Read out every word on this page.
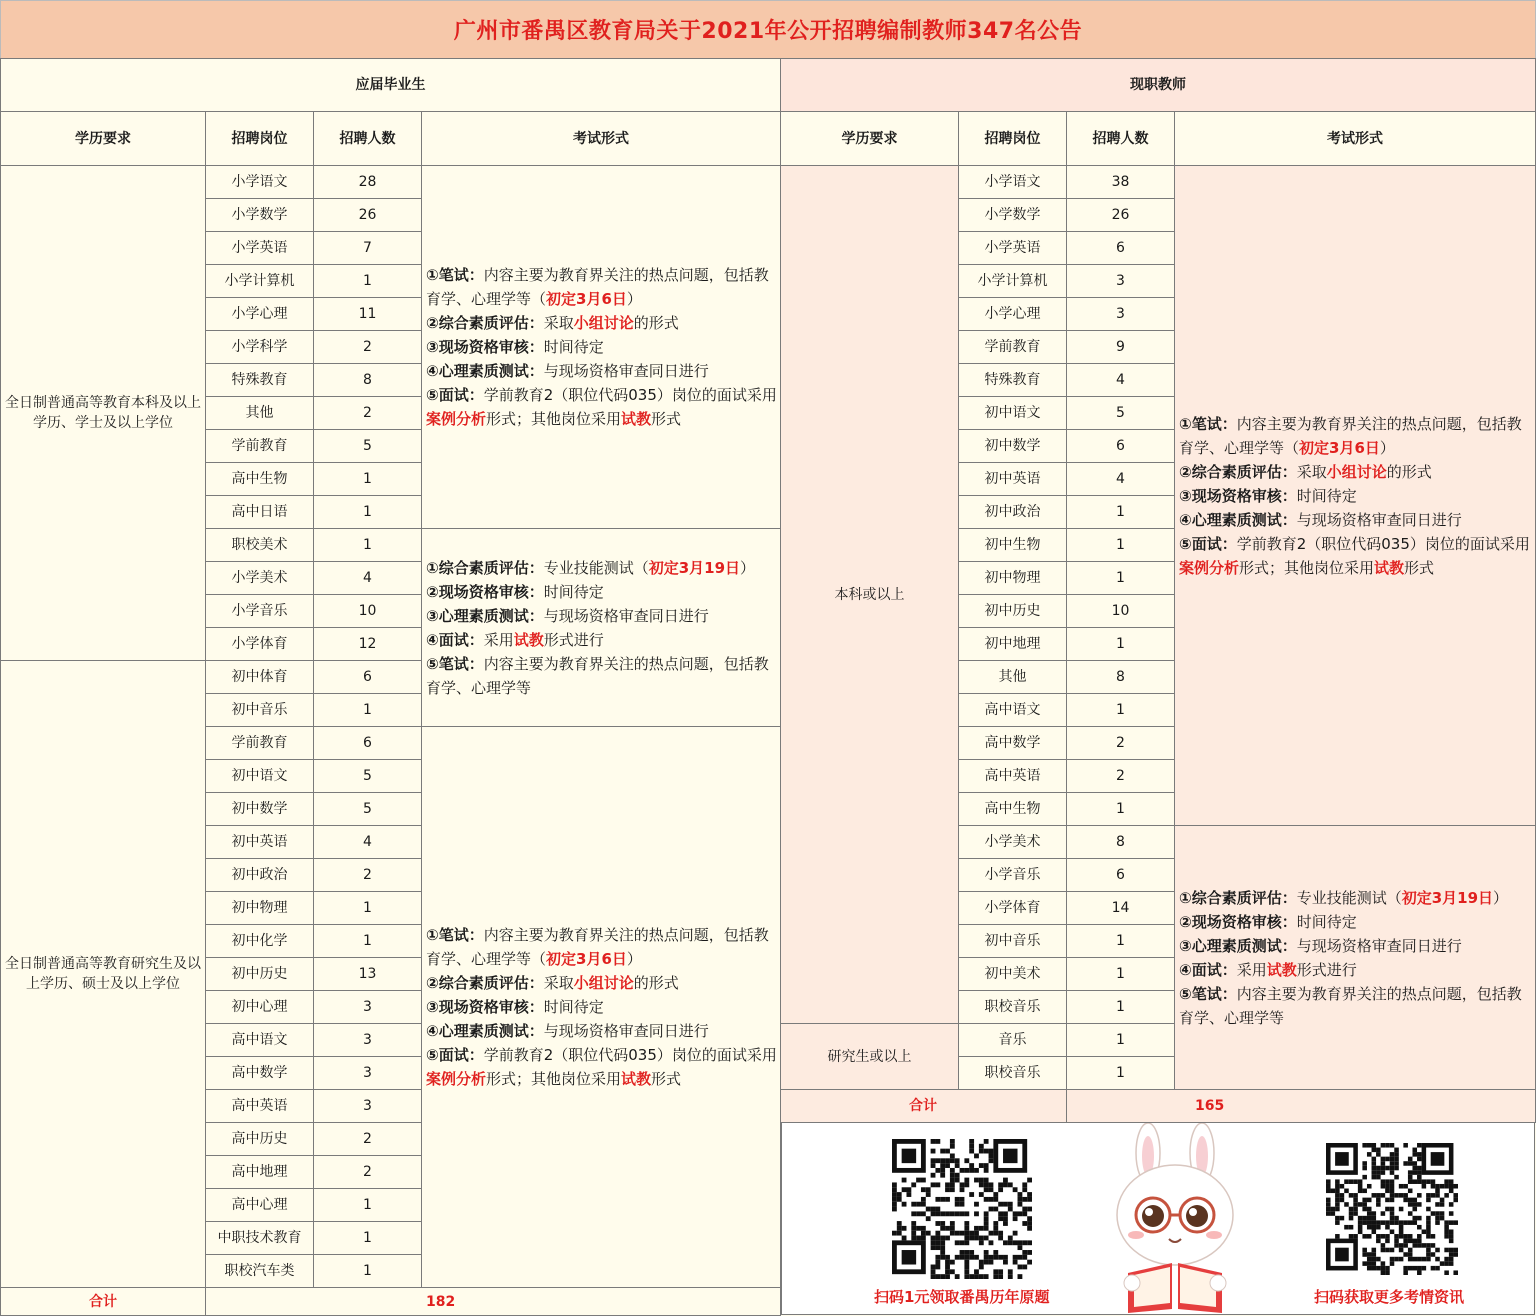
广州市番禺区教育局关于2021年公开招聘编制教师347名公告
应届毕业生			
学历要求	招聘岗位	招聘人数	考试形式
全日制普通高等教育本科及以上学历、学士及以上学位	小学语文	28	①笔试：内容主要为教育界关注的热点问题，包括教育学、心理学等（初定3月6日）
②综合素质评估：采取小组讨论的形式
③现场资格审核：时间待定
④心理素质测试：与现场资格审查同日进行
⑤面试：学前教育2（职位代码035）岗位的面试采用案例分析形式；其他岗位采用试教形式
	小学数学	26	
	小学英语	7	
	小学计算机	1	
	小学心理	11	
	小学科学	2	
	特殊教育	8	
	其他	2	
	学前教育	5	
	高中生物	1	
	高中日语	1	
	职校美术	1	①综合素质评估：专业技能测试（初定3月19日）
②现场资格审核：时间待定
③心理素质测试：与现场资格审查同日进行
④面试：采用试教形式进行
⑤笔试：内容主要为教育界关注的热点问题，包括教育学、心理学等
	小学美术	4	
	小学音乐	10	
	小学体育	12	
全日制普通高等教育研究生及以上学历、硕士及以上学位	初中体育	6	
	初中音乐	1	
	学前教育	6	①笔试：内容主要为教育界关注的热点问题，包括教育学、心理学等（初定3月6日）
②综合素质评估：采取小组讨论的形式
③现场资格审核：时间待定
④心理素质测试：与现场资格审查同日进行
⑤面试：学前教育2（职位代码035）岗位的面试采用案例分析形式；其他岗位采用试教形式
	初中语文	5	
	初中数学	5	
	初中英语	4	
	初中政治	2	
	初中物理	1	
	初中化学	1	
	初中历史	13	
	初中心理	3	
	高中语文	3	
	高中数学	3	
	高中英语	3	
	高中历史	2	
	高中地理	2	
	高中心理	1	
	中职技术教育	1	
	职校汽车类	1	
合计	182		
现职教师			
学历要求	招聘岗位	招聘人数	考试形式
本科或以上	小学语文	38	①笔试：内容主要为教育界关注的热点问题，包括教育学、心理学等（初定3月6日）
②综合素质评估：采取小组讨论的形式
③现场资格审核：时间待定
④心理素质测试：与现场资格审查同日进行
⑤面试：学前教育2（职位代码035）岗位的面试采用案例分析形式；其他岗位采用试教形式
	小学数学	26	
	小学英语	6	
	小学计算机	3	
	小学心理	3	
	学前教育	9	
	特殊教育	4	
	初中语文	5	
	初中数学	6	
	初中英语	4	
	初中政治	1	
	初中生物	1	
	初中物理	1	
	初中历史	10	
	初中地理	1	
	其他	8	
	高中语文	1	
	高中数学	2	
	高中英语	2	
	高中生物	1	
	小学美术	8	①综合素质评估：专业技能测试（初定3月19日）
②现场资格审核：时间待定
③心理素质测试：与现场资格审查同日进行
④面试：采用试教形式进行
⑤笔试：内容主要为教育界关注的热点问题，包括教育学、心理学等
	小学音乐	6	
	小学体育	14	
	初中音乐	1	
	初中美术	1	
	职校音乐	1	
研究生或以上	音乐	1	
	职校音乐	1	
合计		165	
扫码1元领取番禺历年原题	扫码获取更多考情资讯
